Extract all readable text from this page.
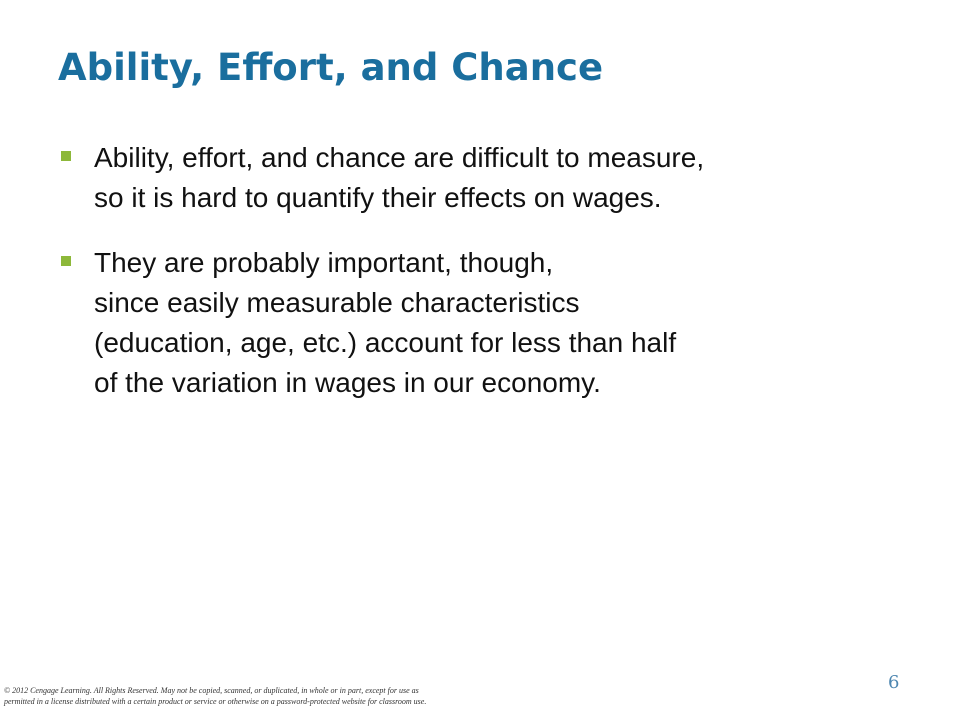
Ability, Effort, and Chance
Ability, effort, and chance are difficult to measure,
so it is hard to quantify their effects on wages.
They are probably important, though,
since easily measurable characteristics
(education, age, etc.) account for less than half
of the variation in wages in our economy.
6
© 2012 Cengage Learning. All Rights Reserved. May not be copied, scanned, or duplicated, in whole or in part, except for use as
permitted in a license distributed with a certain product or service or otherwise on a password-protected website for classroom use.
